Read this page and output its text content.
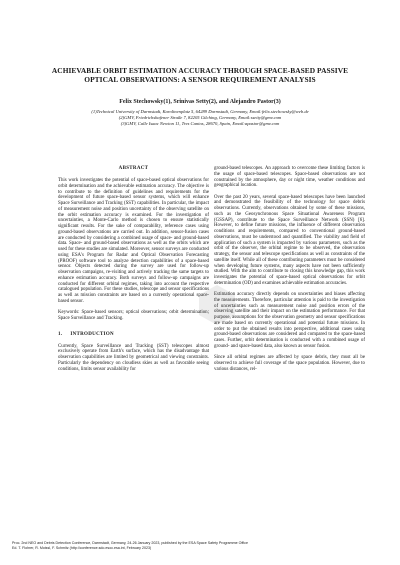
ACHIEVABLE ORBIT ESTIMATION ACCURACY THROUGH SPACE-BASED PASSIVE
OPTICAL OBSERVATIONS: A SENSOR REQUIREMENT ANALYSIS
Felix Stechowsky(1), Srinivas Setty(2), and Alejandro Pastor(3)
(1)Technical University of Darmstadt, Karolinenplatz 5, 64289 Darmstadt, Germany, Email:felix.stechowsky@web.de
(2)GMV, Friedrichshafener Straße 7, 82205 Gilching, Germany, Email:ssetty@gmv.com
(3)GMV, Calle Isaac Newton 11, Tres Cantos, 28670, Spain, Email:apastor@gmv.com
ABSTRACT

This work investigates the potential of space-based optical observations for orbit determination and the achievable estimation accuracy. The objective is to contribute to the definition of guidelines and requirements for the development of future space-based sensor systems, which will enhance Space Surveillance and Tracking (SST) capabilities. In particular, the impact of measurement noise and position uncertainty of the observing satellite on the orbit estimation accuracy is examined. For the investigation of uncertainties, a Monte-Carlo method is chosen to ensure statistically significant results. For the sake of comparability, reference cases using ground-based observations are carried out. In addition, sensor-fusion cases are conducted by considering a combined usage of space- and ground-based data. Space- and ground-based observations as well as the orbits which are used for these studies are simulated. Moreover, sensor surveys are conducted using ESA's Program for Radar and Optical Observation Forecasting (PROOF) software tool to analyze detection capabilities of a space-based sensor. Objects detected during the survey are used for follow-up observation campaigns, re-visiting and actively tracking the same targets to enhance estimation accuracy. Both surveys and follow-up campaigns are conducted for different orbital regimes, taking into account the respective catalogued population. For these studies, telescope and sensor specifications as well as mission constraints are based on a currently operational space-based sensor.

Keywords: Space-based sensors; optical observations; orbit determination; Space Surveillance and Tracking.

1. INTRODUCTION

Currently, Space Surveillance and Tracking (SST) telescopes almost exclusively operate from Earth's surface, which has the disadvantage that observation capabilities are limited by geometrical and viewing constraints. Particularly the dependency on cloudless skies as well as favorable seeing conditions, limits sensor availability for

ground-based telescopes. An approach to overcome these limiting factors is the usage of space-based telescopes. Space-based observations are not constrained by the atmosphere, day or night time, weather conditions and geographical location.

Over the past 20 years, several space-based telescopes have been launched and demonstrated the feasibility of the technology for space debris observations. Currently, observations obtained by some of these missions, such as the Geosynchronous Space Situational Awareness Program (GSSAP), contribute to the Space Surveillance Network (SSN) [6]. However, to define future missions, the influence of different observation conditions and requirements, compared to conventional ground-based observations, must be understood and quantified. The viability and field of application of such a system is impacted by various parameters, such as the orbit of the observer, the orbital regime to be observed, the observation strategy, the sensor and telescope specifications as well as constraints of the satellite itself. While all of these contributing parameters must be considered when developing future systems, many aspects have not been sufficiently studied. With the aim to contribute to closing this knowledge gap, this work investigates the potential of space-based optical observations for orbit determination (OD) and examines achievable estimation accuracies.

Estimation accuracy directly depends on uncertainties and biases affecting the measurements. Therefore, particular attention is paid to the investigation of uncertainties such as measurement noise and position errors of the observing satellite and their impact on the estimation performance. For that purpose, assumptions for the observation geometry and sensor specifications are made based on currently operational and potential future missions. In order to put the obtained results into perspective, additional cases using ground-based observations are considered and compared to the space-based cases. Further, orbit determination is conducted with a combined usage of ground- and space-based data, also known as sensor fusion.

Since all orbital regimes are affected by space debris, they must all be observed to achieve full coverage of the space population. However, due to various distances, rel-

Proc. 2nd NEO and Debris Detection Conference, Darmstadt, Germany, 24-26 January 2023, published by the ESA Space Safety Programme Office
Ed. T. Flohrer, R. Moissl, F. Schmitz (http://conference.sdo.esoc.esa.int, February 2023)
